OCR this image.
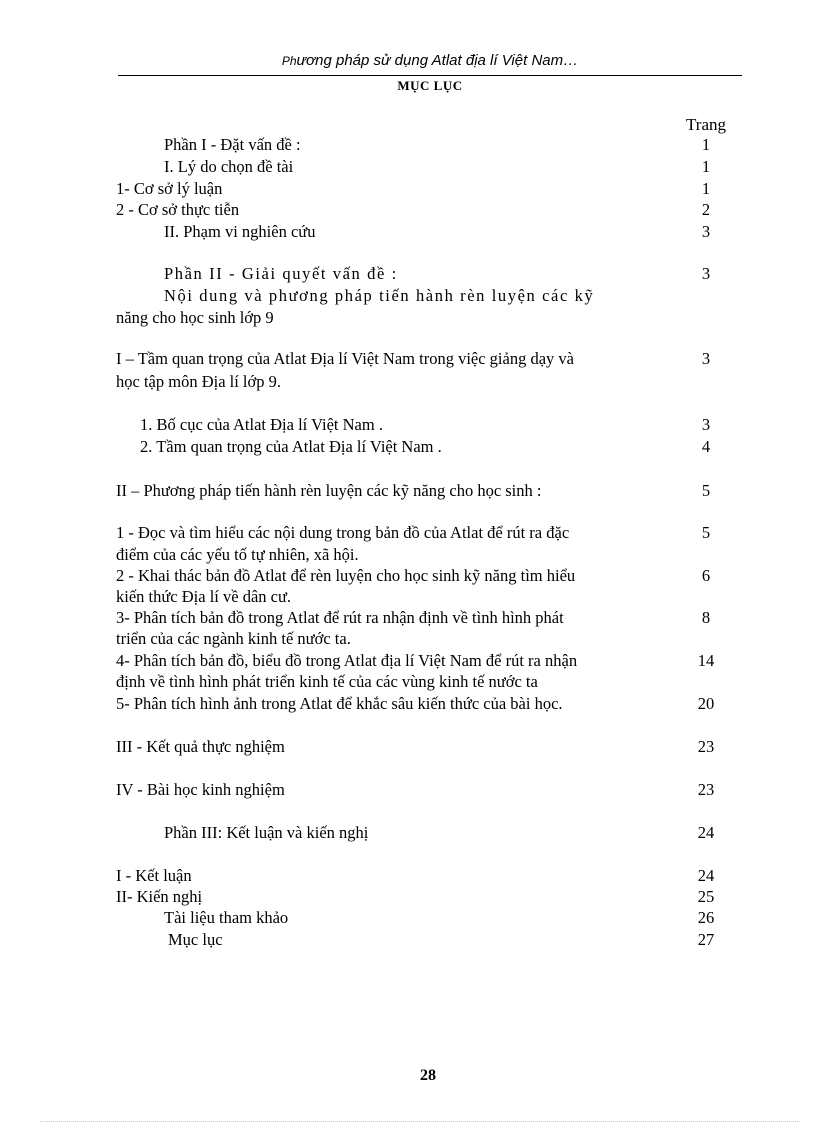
Phương pháp sử dụng Atlat địa lí Việt Nam…
MỤC LỤC
Trang
Phần I - Đặt vấn đề :	1
I. Lý do chọn đề tài	1
1- Cơ sở lý luận	1
2 - Cơ sở thực tiễn	2
II. Phạm vi nghiên cứu	3
Phần II - Giải quyết vấn đề :	3
Nội dung và phương pháp tiến hành rèn luyện các kỹ
năng cho học sinh lớp 9
I – Tầm quan trọng của Atlat Địa lí Việt Nam trong việc giảng dạy và	3
học tập môn Địa lí lớp 9.
1. Bố cục của Atlat Địa lí Việt Nam .	3
2. Tầm quan trọng của Atlat Địa lí Việt Nam .	4
II – Phương pháp tiến hành rèn luyện các kỹ năng cho học sinh :	5
1 - Đọc và tìm hiểu các nội dung trong bản đồ của Atlat để rút ra đặc	5
điểm của các yếu tố tự nhiên, xã hội.
2 - Khai thác bản đồ Atlat để rèn luyện cho học sinh kỹ năng tìm hiểu	6
kiến thức Địa lí về dân cư.
3- Phân tích bản đồ trong Atlat để rút ra nhận định về tình hình phát	8
triển của các ngành kinh tế nước ta.
4- Phân tích bản đồ, biểu đồ trong Atlat địa lí Việt Nam để rút ra nhận	14
định về tình hình phát triển kinh tế của các vùng kinh tế nước ta
5- Phân tích hình ảnh trong Atlat để khắc sâu kiến thức của bài học.	20
III - Kết quả thực nghiệm	23
IV - Bài học kinh nghiệm	23
Phần III: Kết luận và kiến nghị	24
I - Kết luận	24
II- Kiến nghị	25
Tài liệu tham khảo	26
Mục lục	27
28
